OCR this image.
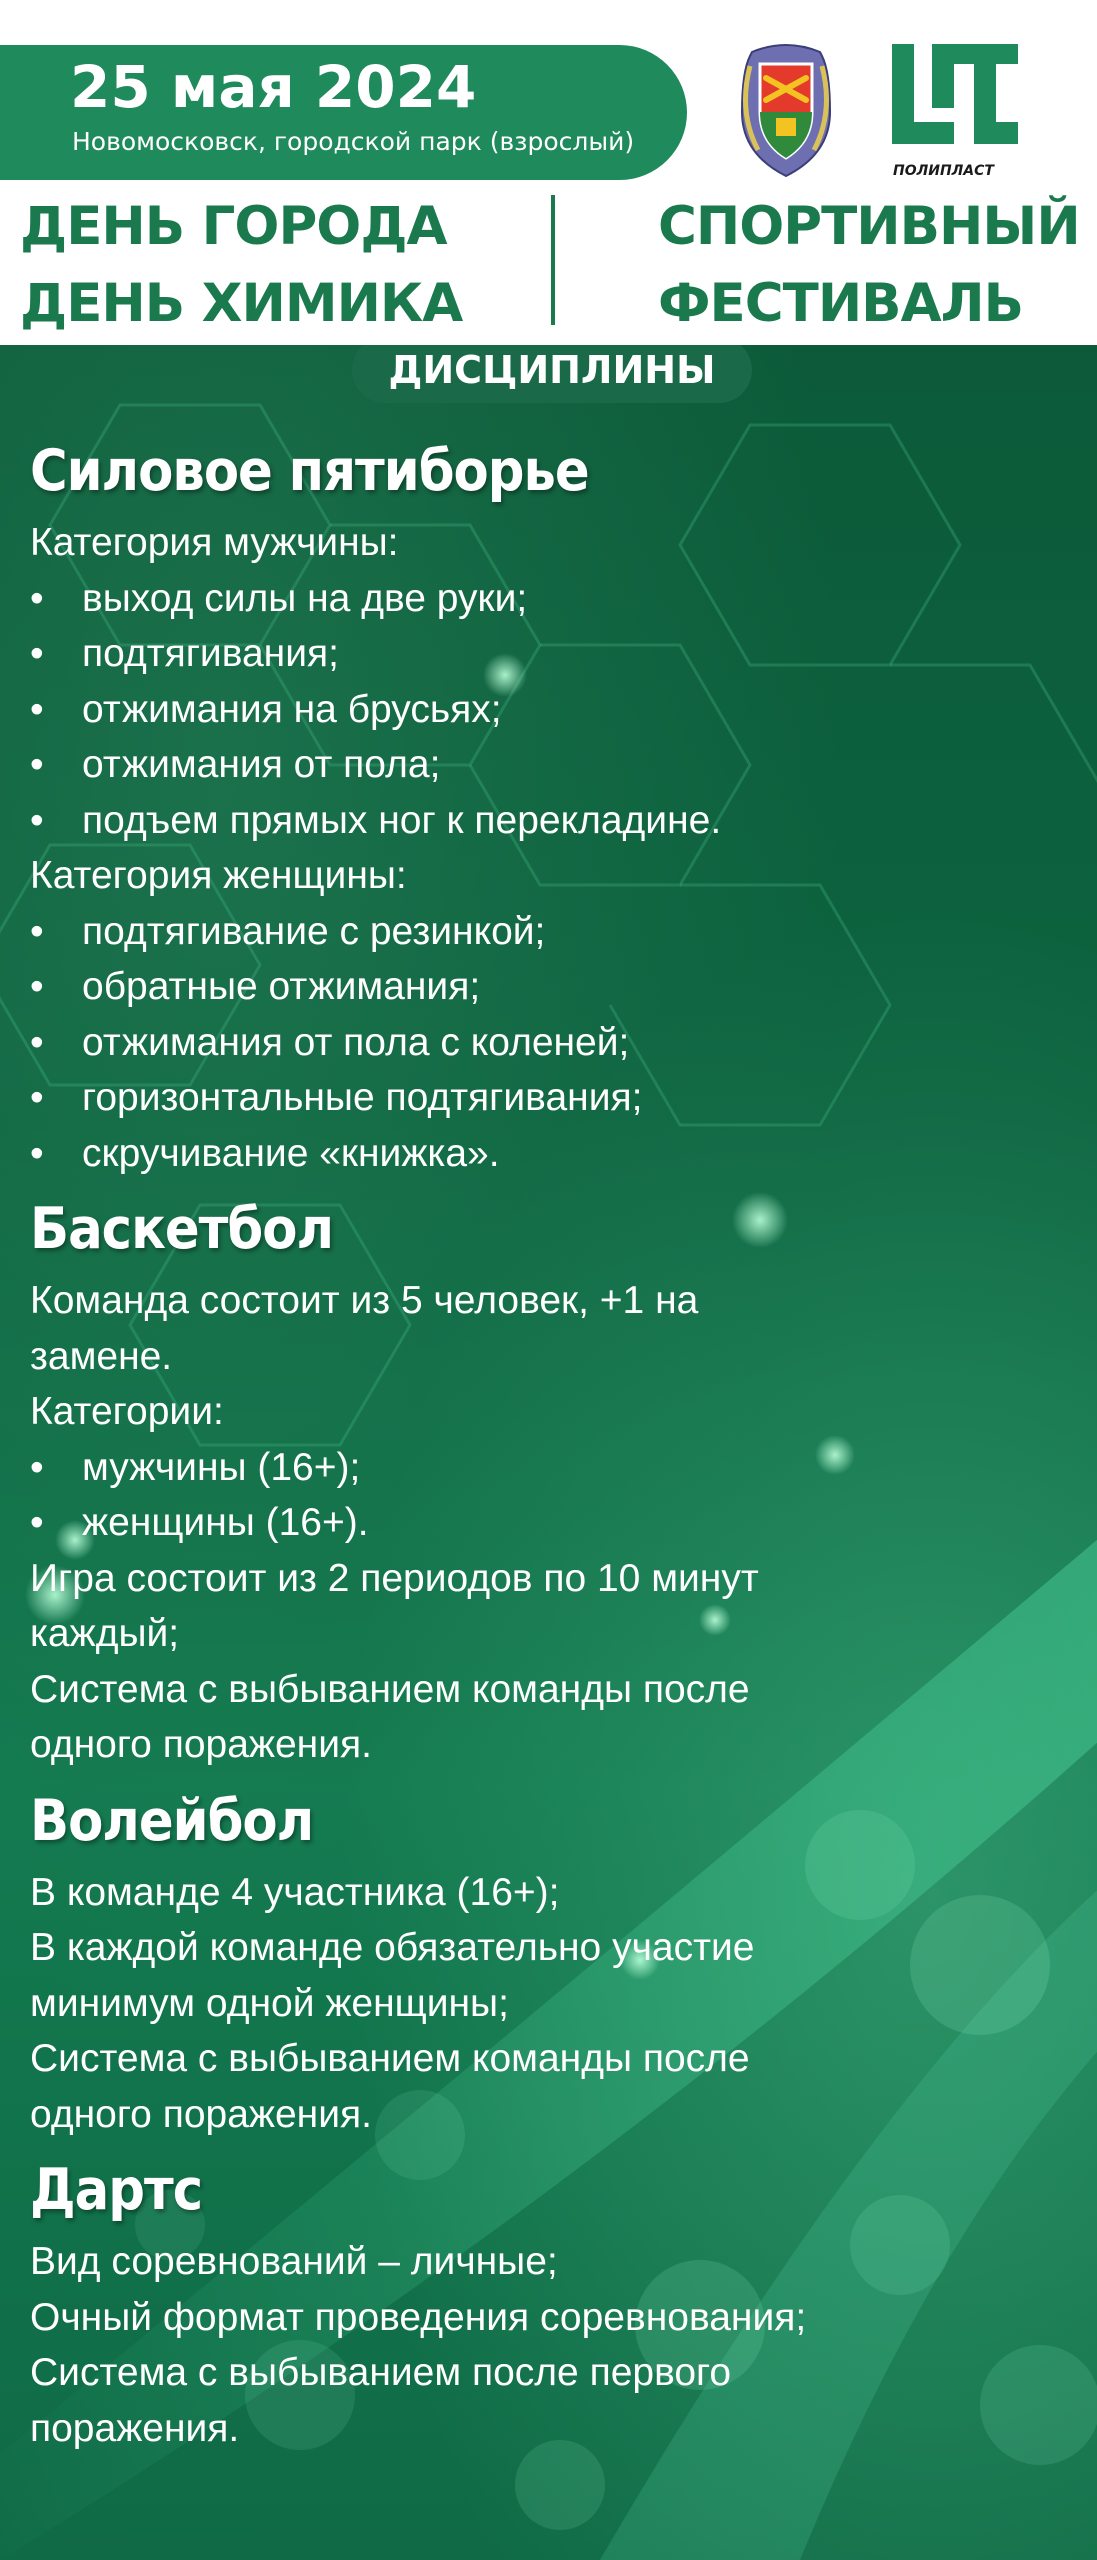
25 мая 2024
Новомосковск, городской парк (взрослый)
ПОЛИПЛАСТ
ДЕНЬ ГОРОДА
ДЕНЬ ХИМИКА
СПОРТИВНЫЙ
ФЕСТИВАЛЬ
ДИСЦИПЛИНЫ
Силовое пятиборье
Категория мужчины:
• выход силы на две руки;
• подтягивания;
• отжимания на брусьях;
• отжимания от пола;
• подъем прямых ног к перекладине.
Категория женщины:
• подтягивание с резинкой;
• обратные отжимания;
• отжимания от пола с коленей;
• горизонтальные подтягивания;
• скручивание «книжка».
Баскетбол
Команда состоит из 5 человек, +1 на
замене.
Категории:
• мужчины (16+);
• женщины (16+).
Игра состоит из 2 периодов по 10 минут
каждый;
Система с выбыванием команды после
одного поражения.
Волейбол
В команде 4 участника (16+);
В каждой команде обязательно участие
минимум одной женщины;
Система с выбыванием команды после
одного поражения.
Дартс
Вид соревнований – личные;
Очный формат проведения соревнования;
Система с выбыванием после первого
поражения.
